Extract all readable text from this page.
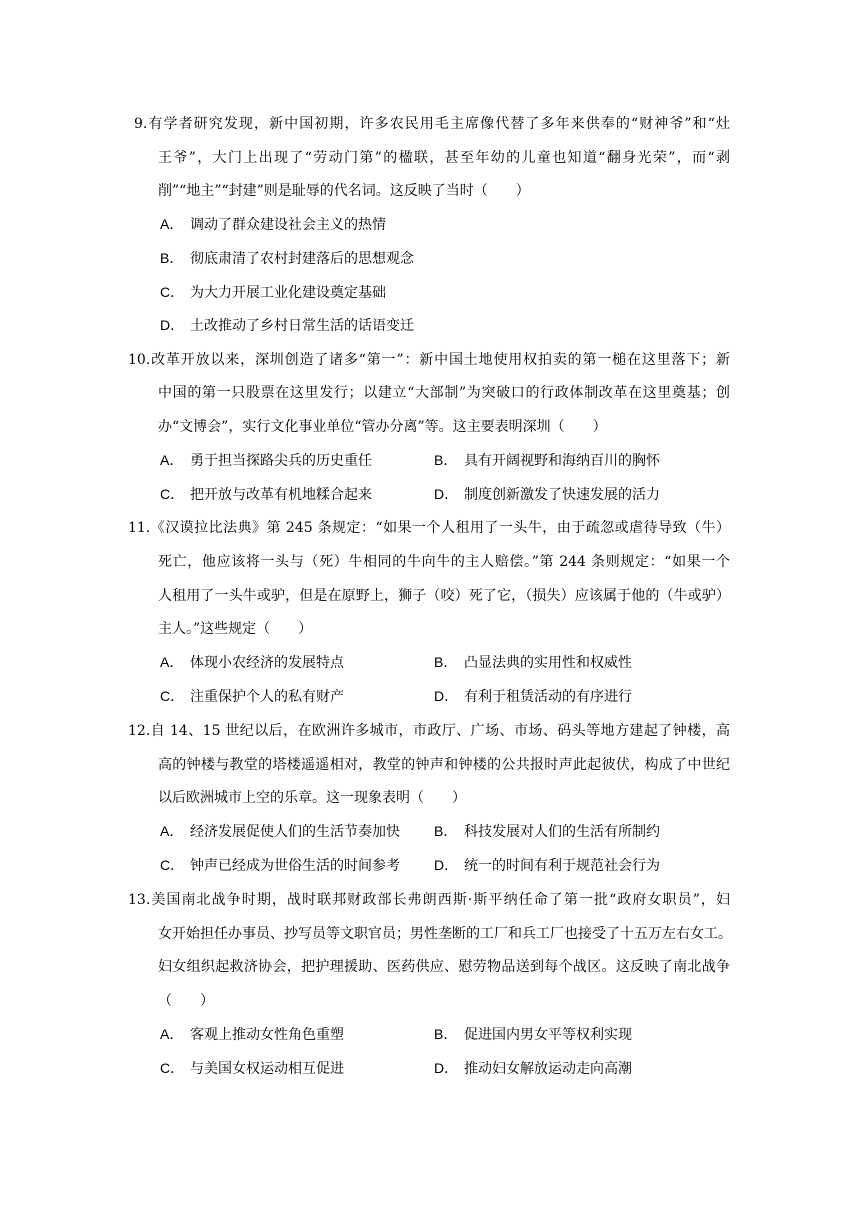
9.有学者研究发现，新中国初期，许多农民用毛主席像代替了多年来供奉的“财神爷”和“灶
王爷”，大门上出现了“劳动门第”的楹联，甚至年幼的儿童也知道“翻身光荣”，而“剥
削”“地主”“封建”则是耻辱的代名词。这反映了当时（　　）
A． 调动了群众建设社会主义的热情
B． 彻底肃清了农村封建落后的思想观念
C． 为大力开展工业化建设奠定基础
D． 土改推动了乡村日常生活的话语变迁
10.改革开放以来，深圳创造了诸多“第一”：新中国土地使用权拍卖的第一槌在这里落下；新
中国的第一只股票在这里发行；以建立“大部制”为突破口的行政体制改革在这里奠基；创
办“文博会”，实行文化事业单位“管办分离”等。这主要表明深圳（　　）
A． 勇于担当探路尖兵的历史重任	B． 具有开阔视野和海纳百川的胸怀
C． 把开放与改革有机地糅合起来	D． 制度创新激发了快速发展的活力
11.《汉谟拉比法典》第 245 条规定：“如果一个人租用了一头牛，由于疏忽或虐待导致（牛）
死亡，他应该将一头与（死）牛相同的牛向牛的主人赔偿。”第 244 条则规定：“如果一个
人租用了一头牛或驴，但是在原野上，狮子（咬）死了它，（损失）应该属于他的（牛或驴）
主人。”这些规定（　　）
A． 体现小农经济的发展特点	B． 凸显法典的实用性和权威性
C． 注重保护个人的私有财产	D． 有利于租赁活动的有序进行
12.自 14、15 世纪以后，在欧洲许多城市，市政厅、广场、市场、码头等地方建起了钟楼，高
高的钟楼与教堂的塔楼遥遥相对，教堂的钟声和钟楼的公共报时声此起彼伏，构成了中世纪
以后欧洲城市上空的乐章。这一现象表明（　　）
A． 经济发展促使人们的生活节奏加快 B． 科技发展对人们的生活有所制约
C． 钟声已经成为世俗生活的时间参考 D． 统一的时间有利于规范社会行为
13.美国南北战争时期，战时联邦财政部长弗朗西斯·斯平纳任命了第一批“政府女职员”，妇
女开始担任办事员、抄写员等文职官员；男性垄断的工厂和兵工厂也接受了十五万左右女工。
妇女组织起救济协会，把护理援助、医药供应、慰劳物品送到每个战区。这反映了南北战争
（　　）
A． 客观上推动女性角色重塑	B． 促进国内男女平等权利实现
C． 与美国女权运动相互促进	D． 推动妇女解放运动走向高潮
